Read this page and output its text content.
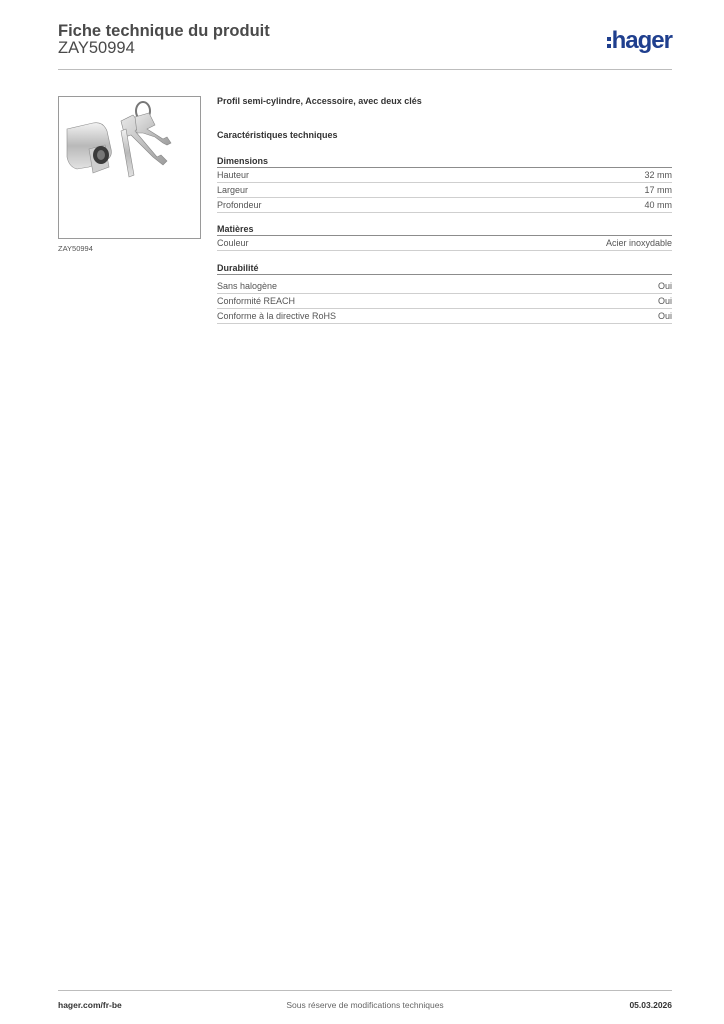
Fiche technique du produit
ZAY50994	hager
ZAY50994
Profil semi-cylindre, Accessoire, avec deux clés
Caractéristiques techniques
Dimensions
Hauteur	32 mm
Largeur	17 mm
Profondeur	40 mm
Matières
Couleur	Acier inoxydable
Durabilité
Sans halogène	Oui
Conformité REACH	Oui
Conforme à la directive RoHS	Oui
hager.com/fr-be	Sous réserve de modifications techniques	05.03.2026
